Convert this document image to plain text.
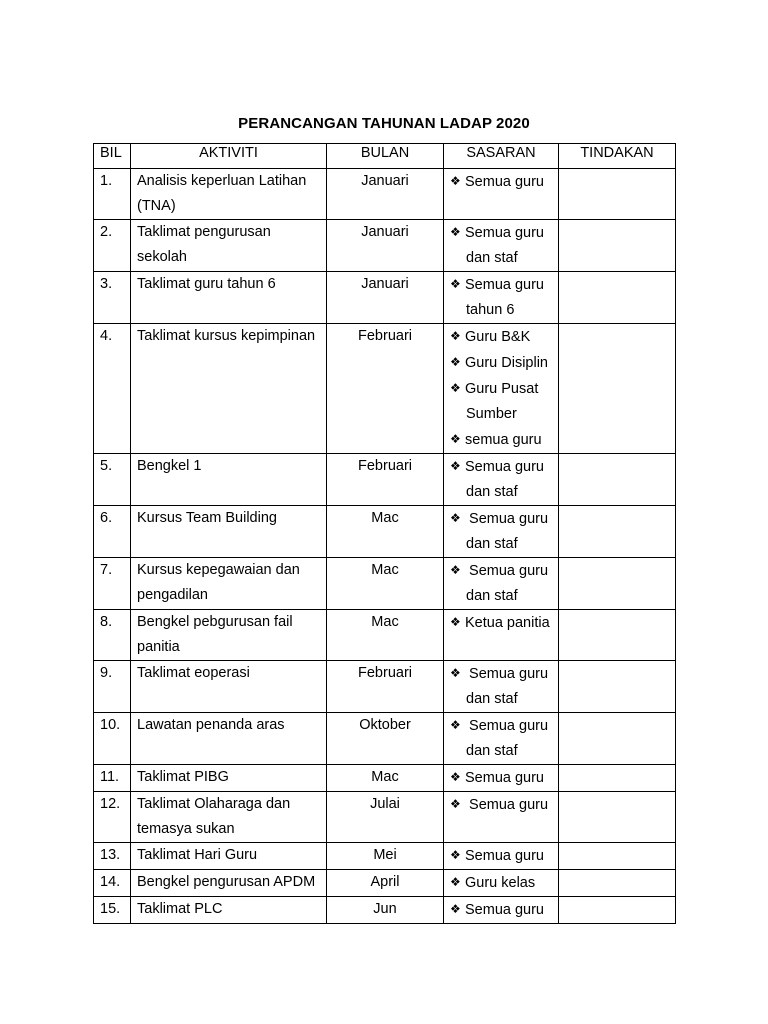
PERANCANGAN TAHUNAN LADAP 2020
BIL	AKTIVITI	BULAN	SASARAN	TINDAKAN
1.	Analisis keperluan Latihan (TNA)	Januari	❖ Semua guru	

2.	Taklimat pengurusan sekolah	Januari	❖ Semua guru
dan staf	

3.	Taklimat guru tahun 6	Januari	❖ Semua guru
tahun 6	

4.	Taklimat kursus kepimpinan	Februari	❖ Guru B&K
❖ Guru Disiplin
❖ Guru Pusat
Sumber
❖ semua guru	

5.	Bengkel 1	Februari	❖ Semua guru
dan staf	

6.	Kursus Team Building	Mac	❖ Semua guru
dan staf	

7.	Kursus kepegawaian dan pengadilan	Mac	❖ Semua guru
dan staf	

8.	Bengkel pebgurusan fail panitia	Mac	❖ Ketua panitia	

9.	Taklimat eoperasi	Februari	❖ Semua guru
dan staf	

10.	Lawatan penanda aras	Oktober	❖ Semua guru
dan staf	

11.	Taklimat PIBG	Mac	❖ Semua guru	

12.	Taklimat Olaharaga dan temasya sukan	Julai	❖ Semua guru	

13.	Taklimat Hari Guru	Mei	❖ Semua guru	

14.	Bengkel pengurusan APDM	April	❖ Guru kelas	

15.	Taklimat PLC	Jun	❖ Semua guru	
